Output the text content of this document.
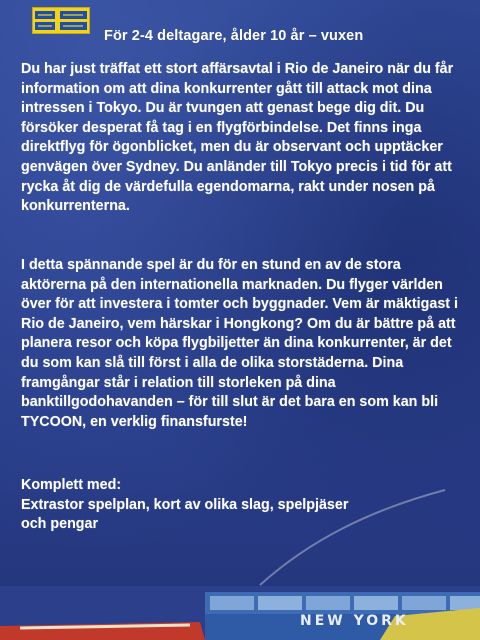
För 2-4 deltagare, ålder 10 år – vuxen

Du har just träffat ett stort affärsavtal i Rio de Janeiro när du får information om att dina konkurrenter gått till attack mot dina intressen i Tokyo. Du är tvungen att genast bege dig dit. Du försöker desperat få tag i en flygförbindelse. Det finns inga direktflyg för ögonblicket, men du är observant och upptäcker genvägen över Sydney. Du anländer till Tokyo precis i tid för att rycka åt dig de värdefulla egendomarna, rakt under nosen på konkurrenterna.

I detta spännande spel är du för en stund en av de stora aktörerna på den internationella marknaden. Du flyger världen över för att investera i tomter och byggnader. Vem är mäktigast i Rio de Janeiro, vem härskar i Hongkong? Om du är bättre på att planera resor och köpa flygbiljetter än dina konkurrenter, är det du som kan slå till först i alla de olika storstäderna. Dina framgångar står i relation till storleken på dina banktillgodohavanden – för till slut är det bara en som kan bli TYCOON, en verklig finansfurste!

Komplett med:
Extrastor spelplan, kort av olika slag, spelpjäser
och pengar

NEW YORK
